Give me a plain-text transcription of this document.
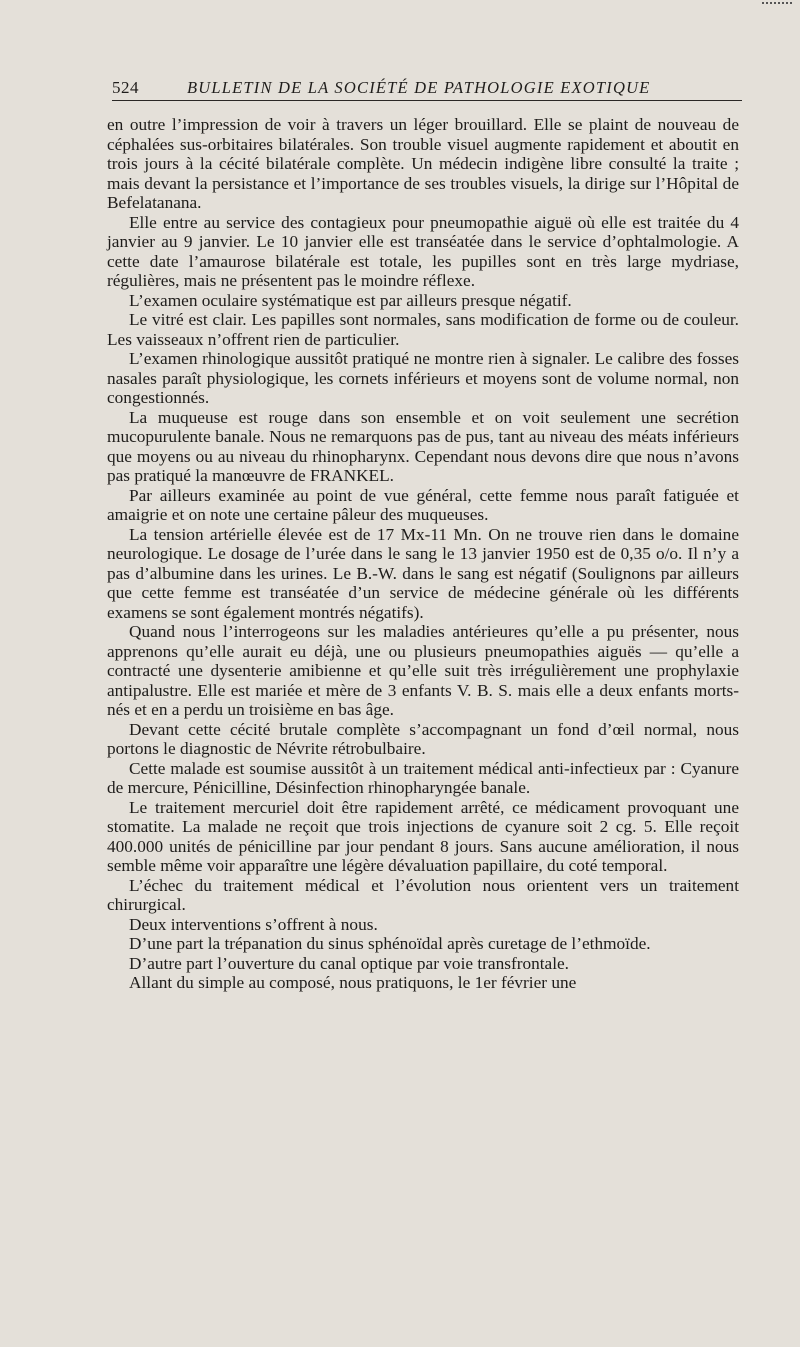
524	BULLETIN DE LA SOCIÉTÉ DE PATHOLOGIE EXOTIQUE

en outre l’impression de voir à travers un léger brouillard. Elle se plaint de nouveau de céphalées sus-orbitaires bilatérales. Son trouble visuel augmente rapidement et aboutit en trois jours à la cécité bilatérale complète. Un médecin indigène libre consulté la traite ; mais devant la persistance et l’importance de ses troubles visuels, la dirige sur l’Hôpital de Befelatanana.

Elle entre au service des contagieux pour pneumopathie aiguë où elle est traitée du 4 janvier au 9 janvier. Le 10 janvier elle est transéatée dans le service d’ophtalmologie. A cette date l’amaurose bilatérale est totale, les pupilles sont en très large mydriase, régulières, mais ne présentent pas le moindre réflexe.

L’examen oculaire systématique est par ailleurs presque négatif.

Le vitré est clair. Les papilles sont normales, sans modification de forme ou de couleur. Les vaisseaux n’offrent rien de particulier.

L’examen rhinologique aussitôt pratiqué ne montre rien à signaler. Le calibre des fosses nasales paraît physiologique, les cornets inférieurs et moyens sont de volume normal, non congestionnés.

La muqueuse est rouge dans son ensemble et on voit seulement une secrétion mucopurulente banale. Nous ne remarquons pas de pus, tant au niveau des méats inférieurs que moyens ou au niveau du rhinopharynx. Cependant nous devons dire que nous n’avons pas pratiqué la manœuvre de FRANKEL.

Par ailleurs examinée au point de vue général, cette femme nous paraît fatiguée et amaigrie et on note une certaine pâleur des muqueuses.

La tension artérielle élevée est de 17 Mx-11 Mn. On ne trouve rien dans le domaine neurologique. Le dosage de l’urée dans le sang le 13 janvier 1950 est de 0,35 o/o. Il n’y a pas d’albumine dans les urines. Le B.-W. dans le sang est négatif (Soulignons par ailleurs que cette femme est transéatée d’un service de médecine générale où les différents examens se sont également montrés négatifs).

Quand nous l’interrogeons sur les maladies antérieures qu’elle a pu présenter, nous apprenons qu’elle aurait eu déjà, une ou plusieurs pneumopathies aiguës — qu’elle a contracté une dysenterie amibienne et qu’elle suit très irrégulièrement une prophylaxie antipalustre. Elle est mariée et mère de 3 enfants V. B. S. mais elle a deux enfants morts-nés et en a perdu un troisième en bas âge.

Devant cette cécité brutale complète s’accompagnant un fond d’œil normal, nous portons le diagnostic de Névrite rétrobulbaire.

Cette malade est soumise aussitôt à un traitement médical anti-infectieux par : Cyanure de mercure, Pénicilline, Désinfection rhinopharyngée banale.

Le traitement mercuriel doit être rapidement arrêté, ce médicament provoquant une stomatite. La malade ne reçoit que trois injections de cyanure soit 2 cg. 5. Elle reçoit 400.000 unités de pénicilline par jour pendant 8 jours. Sans aucune amélioration, il nous semble même voir apparaître une légère dévaluation papillaire, du coté temporal.

L’échec du traitement médical et l’évolution nous orientent vers un traitement chirurgical.

Deux interventions s’offrent à nous.

D’une part la trépanation du sinus sphénoïdal après curetage de l’ethmoïde.

D’autre part l’ouverture du canal optique par voie transfrontale.

Allant du simple au composé, nous pratiquons, le 1er février une
